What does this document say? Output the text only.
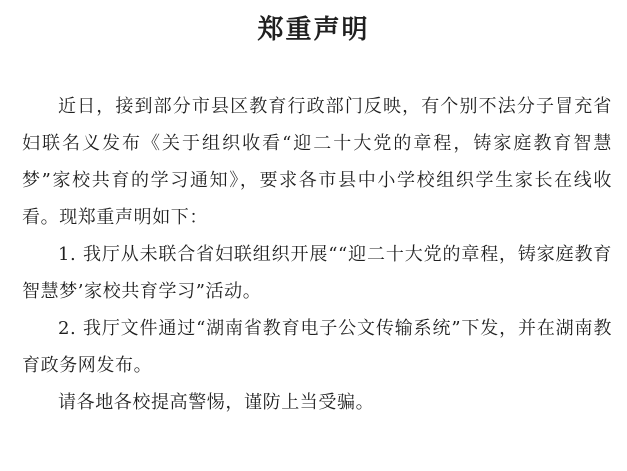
郑重声明

近日，接到部分市县区教育行政部门反映，有个别不法分子冒充省妇联名义发布《关于组织收看“迎二十大党的章程，铸家庭教育智慧梦”家校共育的学习通知》，要求各市县中小学校组织学生家长在线收看。现郑重声明如下：

1. 我厅从未联合省妇联组织开展““迎二十大党的章程，铸家庭教育智慧梦’家校共育学习”活动。

2. 我厅文件通过“湖南省教育电子公文传输系统”下发，并在湖南教育政务网发布。

请各地各校提高警惕，谨防上当受骗。
